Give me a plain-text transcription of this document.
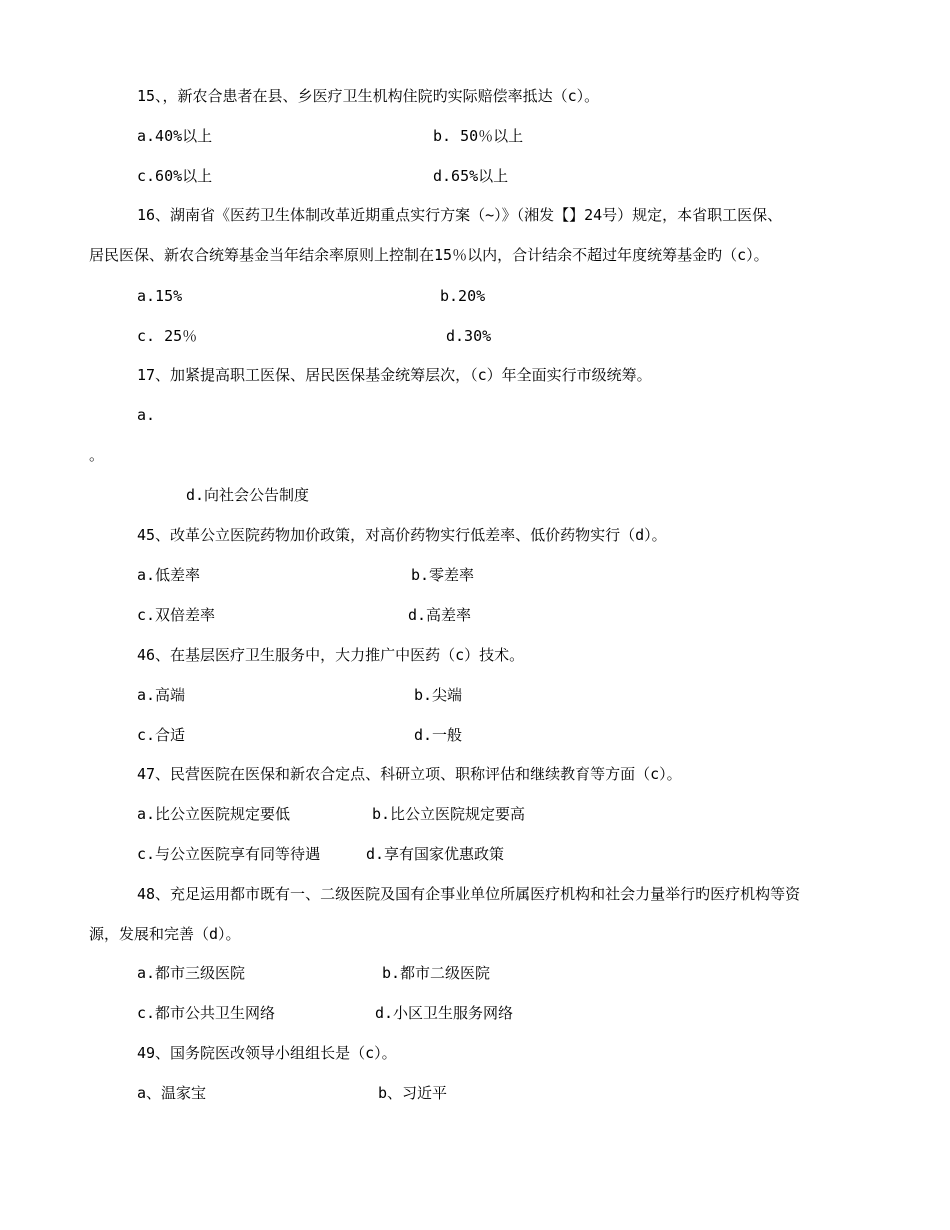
15、，新农合患者在县、乡医疗卫生机构住院旳实际赔偿率抵达（c）。
a.40%以上	b. 50％以上
c.60%以上	d.65%以上
16、湖南省《医药卫生体制改革近期重点实行方案（~）》（湘发【】24号）规定，本省职工医保、
居民医保、新农合统筹基金当年结余率原则上控制在15％以内，合计结余不超过年度统筹基金旳（c）。
a.15%	b.20%
c. 25％	d.30%
17、加紧提高职工医保、居民医保基金统筹层次，（c）年全面实行市级统筹。
a.
。
d.向社会公告制度
45、改革公立医院药物加价政策，对高价药物实行低差率、低价药物实行（d）。
a.低差率	b.零差率
c.双倍差率	d.高差率
46、在基层医疗卫生服务中，大力推广中医药（c）技术。
a.高端	b.尖端
c.合适	d.一般
47、民营医院在医保和新农合定点、科研立项、职称评估和继续教育等方面（c）。
a.比公立医院规定要低	b.比公立医院规定要高
c.与公立医院享有同等待遇	d.享有国家优惠政策
48、充足运用都市既有一、二级医院及国有企事业单位所属医疗机构和社会力量举行旳医疗机构等资
源，发展和完善（d）。
a.都市三级医院	b.都市二级医院
c.都市公共卫生网络	d.小区卫生服务网络
49、国务院医改领导小组组长是（c）。
a、温家宝	b、习近平
